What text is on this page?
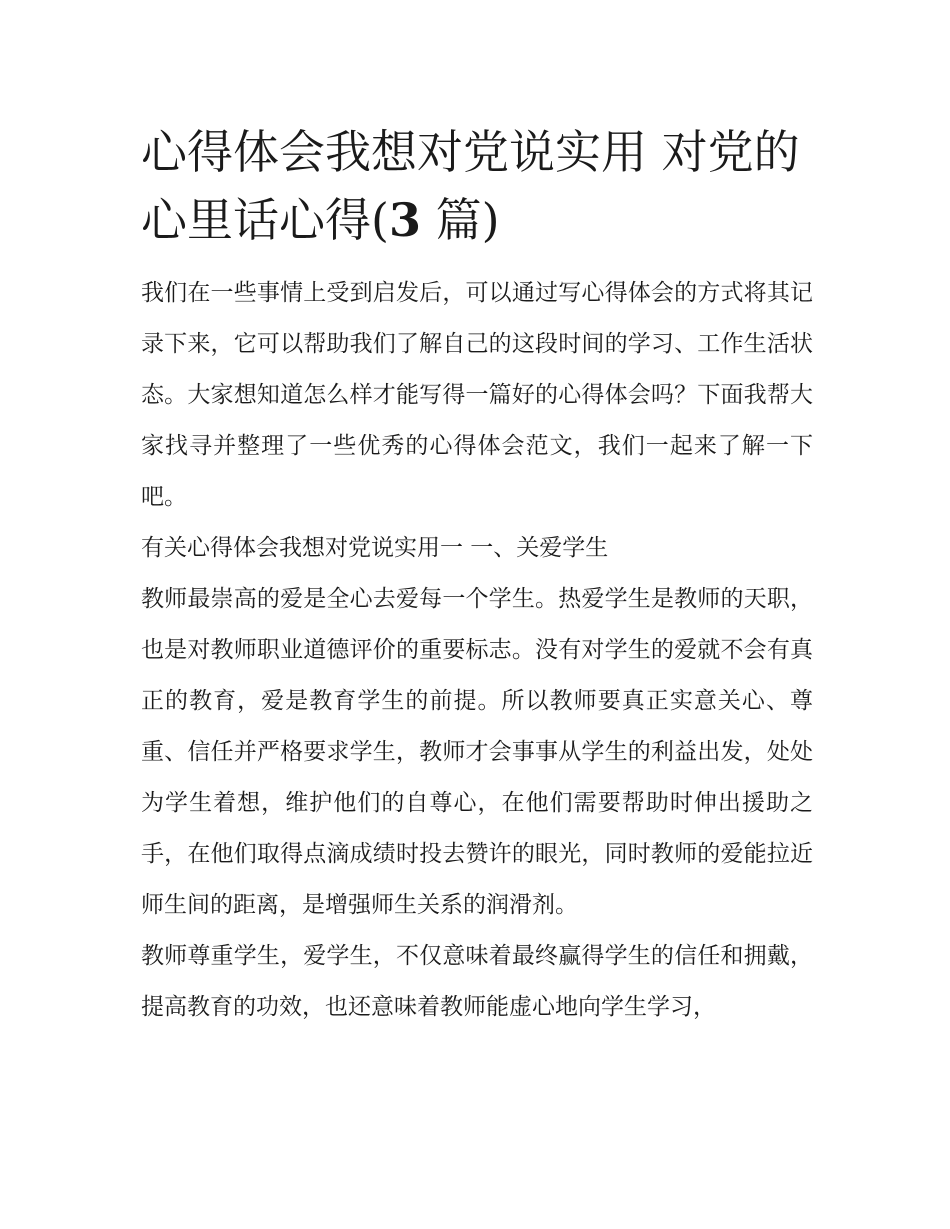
心得体会我想对党说实用 对党的心里话心得(3 篇)

我们在一些事情上受到启发后，可以通过写心得体会的方式将其记录下来，它可以帮助我们了解自己的这段时间的学习、工作生活状态。大家想知道怎么样才能写得一篇好的心得体会吗？下面我帮大家找寻并整理了一些优秀的心得体会范文，我们一起来了解一下吧。

有关心得体会我想对党说实用一 一、关爱学生

教师最崇高的爱是全心去爱每一个学生。热爱学生是教师的天职，也是对教师职业道德评价的重要标志。没有对学生的爱就不会有真正的教育，爱是教育学生的前提。所以教师要真正实意关心、尊重、信任并严格要求学生，教师才会事事从学生的利益出发，处处为学生着想，维护他们的自尊心，在他们需要帮助时伸出援助之手，在他们取得点滴成绩时投去赞许的眼光，同时教师的爱能拉近师生间的距离，是增强师生关系的润滑剂。

教师尊重学生，爱学生，不仅意味着最终赢得学生的信任和拥戴，提高教育的功效，也还意味着教师能虚心地向学生学习，
